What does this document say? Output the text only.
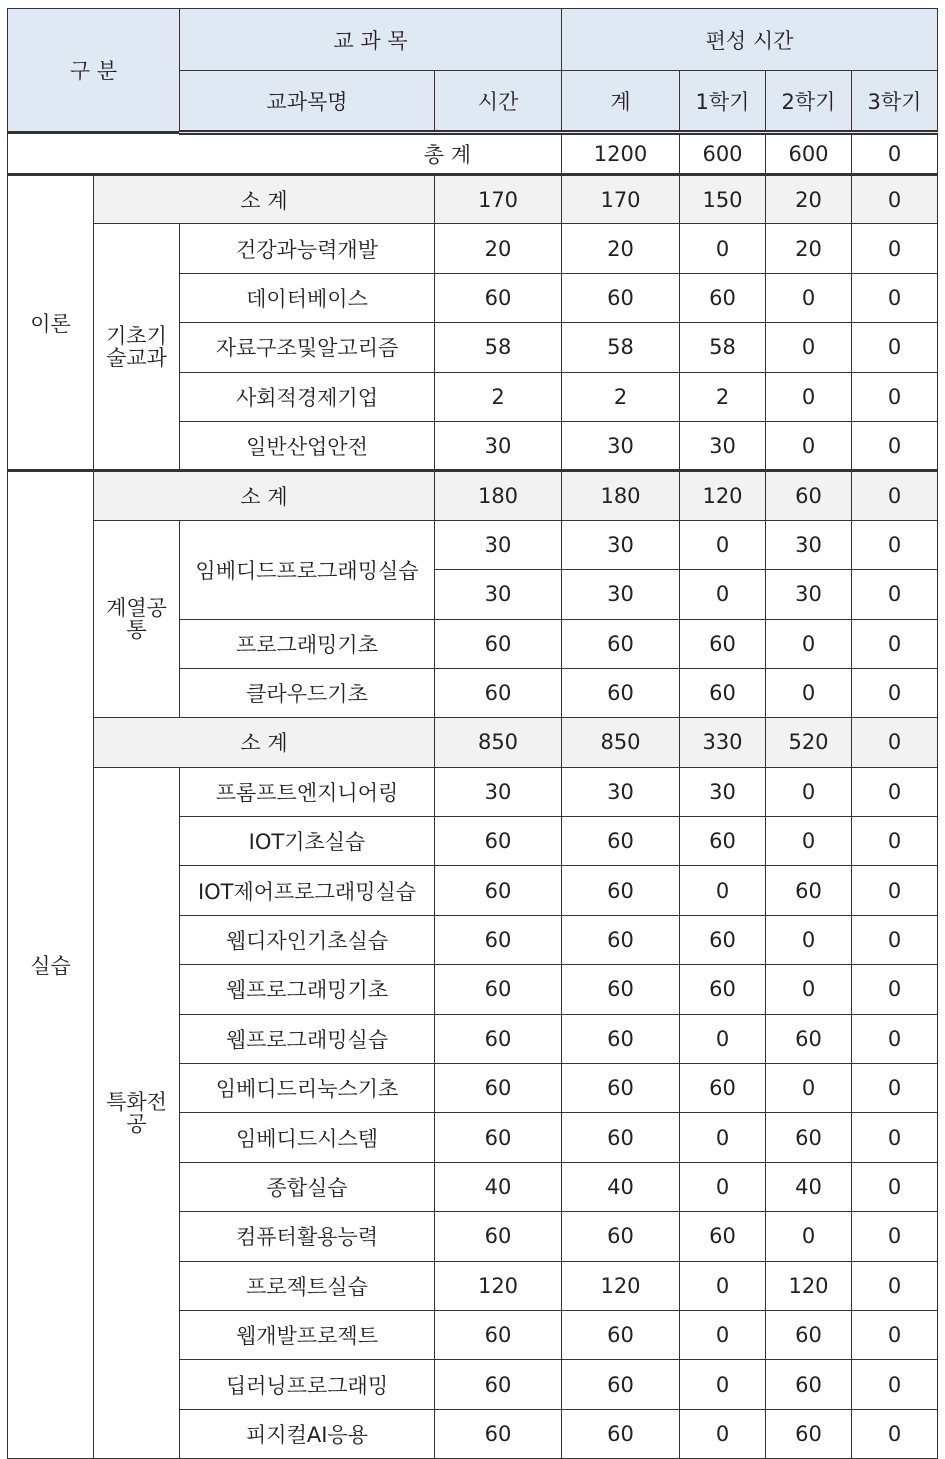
구 분		교 과 목		편성 시간			
		교과목명	시간	계	1학기	2학기	3학기
총 계				1200	600	600	0
이론	소 계		170	170	150	20	0
	기초기술교과	건강과능력개발	20	20	0	20	0
		데이터베이스	60	60	60	0	0
		자료구조및알고리즘	58	58	58	0	0
		사회적경제기업	2	2	2	0	0
		일반산업안전	30	30	30	0	0
실습	소 계		180	180	120	60	0
	계열공통	임베디드프로그래밍실습	30	30	0	30	0
			30	30	0	30	0
		프로그래밍기초	60	60	60	0	0
		클라우드기초	60	60	60	0	0
	소 계		850	850	330	520	0
	특화전공	프롬프트엔지니어링	30	30	30	0	0
		IOT기초실습	60	60	60	0	0
		IOT제어프로그래밍실습	60	60	0	60	0
		웹디자인기초실습	60	60	60	0	0
		웹프로그래밍기초	60	60	60	0	0
		웹프로그래밍실습	60	60	0	60	0
		임베디드리눅스기초	60	60	60	0	0
		임베디드시스템	60	60	0	60	0
		종합실습	40	40	0	40	0
		컴퓨터활용능력	60	60	60	0	0
		프로젝트실습	120	120	0	120	0
		웹개발프로젝트	60	60	0	60	0
		딥러닝프로그래밍	60	60	0	60	0
		피지컬AI응용	60	60	0	60	0
